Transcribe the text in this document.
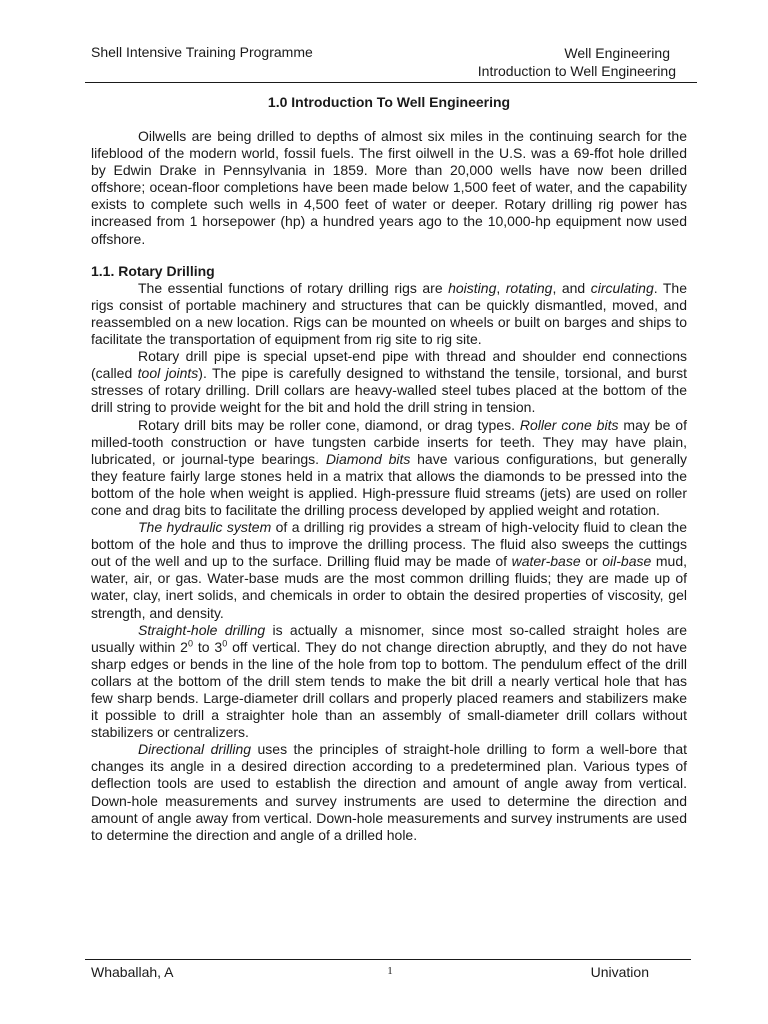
Shell Intensive Training Programme	Well Engineering
Introduction to Well Engineering

1.0 Introduction To Well Engineering

Oilwells are being drilled to depths of almost six miles in the continuing search for the lifeblood of the modern world, fossil fuels. The first oilwell in the U.S. was a 69-ffot hole drilled by Edwin Drake in Pennsylvania in 1859. More than 20,000 wells have now been drilled offshore; ocean-floor completions have been made below 1,500 feet of water, and the capability exists to complete such wells in 4,500 feet of water or deeper. Rotary drilling rig power has increased from 1 horsepower (hp) a hundred years ago to the 10,000-hp equipment now used offshore.

1.1. Rotary Drilling

The essential functions of rotary drilling rigs are hoisting, rotating, and circulating. The rigs consist of portable machinery and structures that can be quickly dismantled, moved, and reassembled on a new location. Rigs can be mounted on wheels or built on barges and ships to facilitate the transportation of equipment from rig site to rig site.

Rotary drill pipe is special upset-end pipe with thread and shoulder end connections (called tool joints). The pipe is carefully designed to withstand the tensile, torsional, and burst stresses of rotary drilling. Drill collars are heavy-walled steel tubes placed at the bottom of the drill string to provide weight for the bit and hold the drill string in tension.

Rotary drill bits may be roller cone, diamond, or drag types. Roller cone bits may be of milled-tooth construction or have tungsten carbide inserts for teeth. They may have plain, lubricated, or journal-type bearings. Diamond bits have various configurations, but generally they feature fairly large stones held in a matrix that allows the diamonds to be pressed into the bottom of the hole when weight is applied. High-pressure fluid streams (jets) are used on roller cone and drag bits to facilitate the drilling process developed by applied weight and rotation.

The hydraulic system of a drilling rig provides a stream of high-velocity fluid to clean the bottom of the hole and thus to improve the drilling process. The fluid also sweeps the cuttings out of the well and up to the surface. Drilling fluid may be made of water-base or oil-base mud, water, air, or gas. Water-base muds are the most common drilling fluids; they are made up of water, clay, inert solids, and chemicals in order to obtain the desired properties of viscosity, gel strength, and density.

Straight-hole drilling is actually a misnomer, since most so-called straight holes are usually within $2^0$ to $3^0$ off vertical. They do not change direction abruptly, and they do not have sharp edges or bends in the line of the hole from top to bottom. The pendulum effect of the drill collars at the bottom of the drill stem tends to make the bit drill a nearly vertical hole that has few sharp bends. Large-diameter drill collars and properly placed reamers and stabilizers make it possible to drill a straighter hole than an assembly of small-diameter drill collars without stabilizers or centralizers.

Directional drilling uses the principles of straight-hole drilling to form a well-bore that changes its angle in a desired direction according to a predetermined plan. Various types of deflection tools are used to establish the direction and amount of angle away from vertical. Down-hole measurements and survey instruments are used to determine the direction and amount of angle away from vertical. Down-hole measurements and survey instruments are used to determine the direction and angle of a drilled hole.

Whaballah, A	1	Univation
